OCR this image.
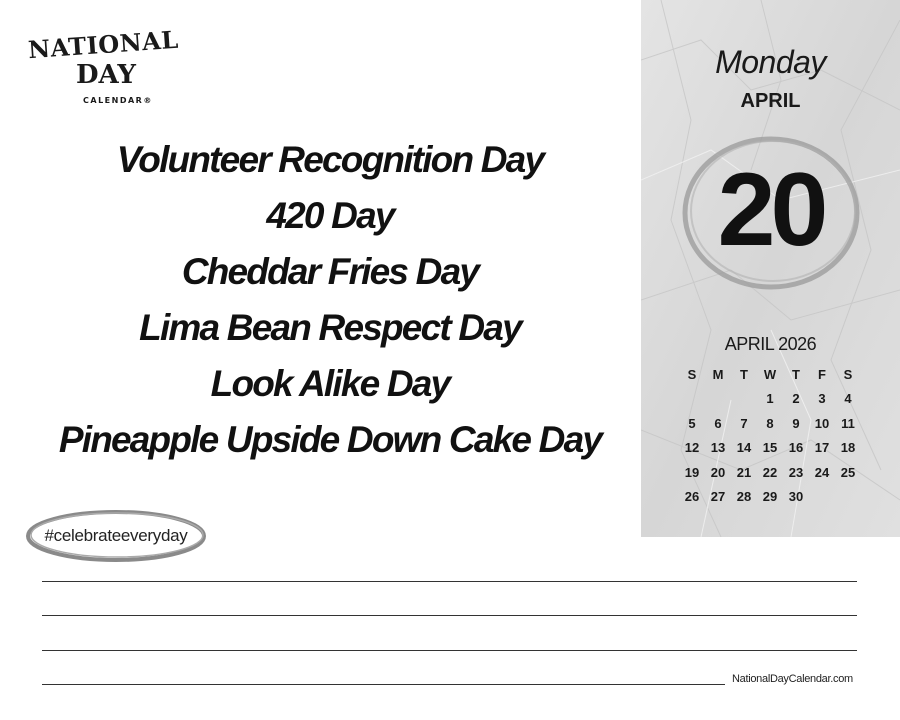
NATIONAL
DAY
CALENDAR®
Volunteer Recognition Day
420 Day
Cheddar Fries Day
Lima Bean Respect Day
Look Alike Day
Pineapple Upside Down Cake Day
#celebrateeveryday
NationalDayCalendar.com
Monday
APRIL
20
APRIL 2026
S	M	T	W	T	F	S
			1	2	3	4
5	6	7	8	9	10	11
12	13	14	15	16	17	18
19	20	21	22	23	24	25
26	27	28	29	30		
